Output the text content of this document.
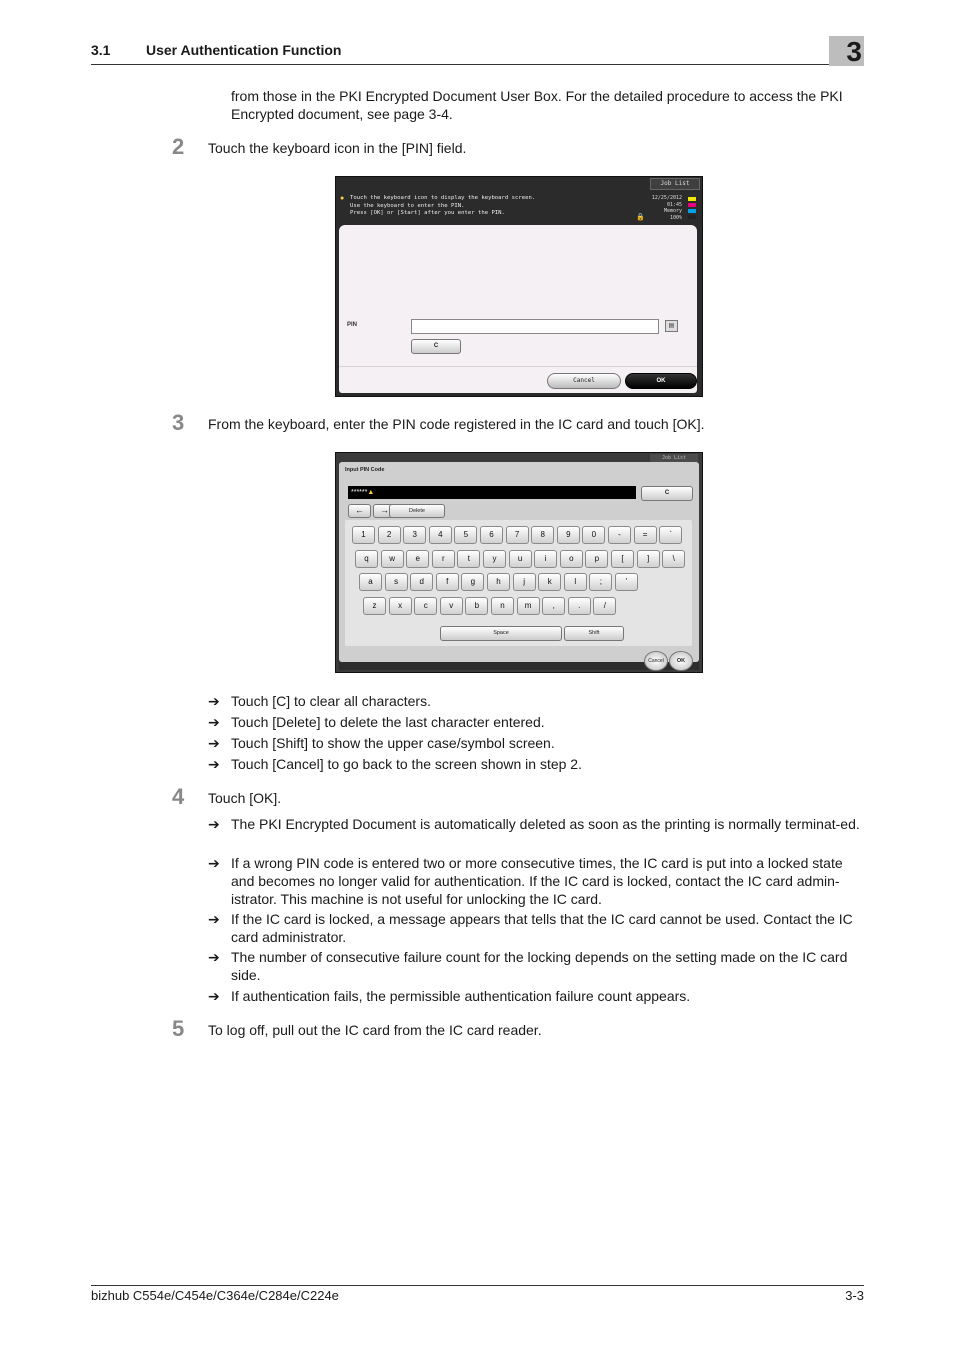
3.1	User Authentication Function	3
from those in the PKI Encrypted Document User Box. For the detailed procedure to access the PKI Encrypted document, see page 3-4.
2 Touch the keyboard icon in the [PIN] field.
Job List
● Touch the keyboard icon to display the keyboard screen.
Use the keyboard to enter the PIN.
Press [OK] or [Start] after you enter the PIN.
12/25/2012
01:45
Memory
100%
🔒
PIN	▤
C
Cancel	OK
3 From the keyboard, enter the PIN code registered in the IC card and touch [OK].
Job List
Input PIN Code
******▲	C
←	→	Delete
Space	Shift
1	2	3	4	5	6	7	8	9	0	-	=	`
q	w	e	r	t	y	u	i	o	p	[	]	\
a	s	d	f	g	h	j	k	l	;	'
z	x	c	v	b	n	m	,	.	/
Cancel	OK
➔ Touch [C] to clear all characters.
➔ Touch [Delete] to delete the last character entered.
➔ Touch [Shift] to show the upper case/symbol screen.
➔ Touch [Cancel] to go back to the screen shown in step 2.
4 Touch [OK].
➔ The PKI Encrypted Document is automatically deleted as soon as the printing is normally terminat-ed.
➔ If a wrong PIN code is entered two or more consecutive times, the IC card is put into a locked state and becomes no longer valid for authentication. If the IC card is locked, contact the IC card admin-istrator. This machine is not useful for unlocking the IC card.
➔ If the IC card is locked, a message appears that tells that the IC card cannot be used. Contact the IC card administrator.
➔ The number of consecutive failure count for the locking depends on the setting made on the IC card side.
➔ If authentication fails, the permissible authentication failure count appears.
5 To log off, pull out the IC card from the IC card reader.
bizhub C554e/C454e/C364e/C284e/C224e	3-3
